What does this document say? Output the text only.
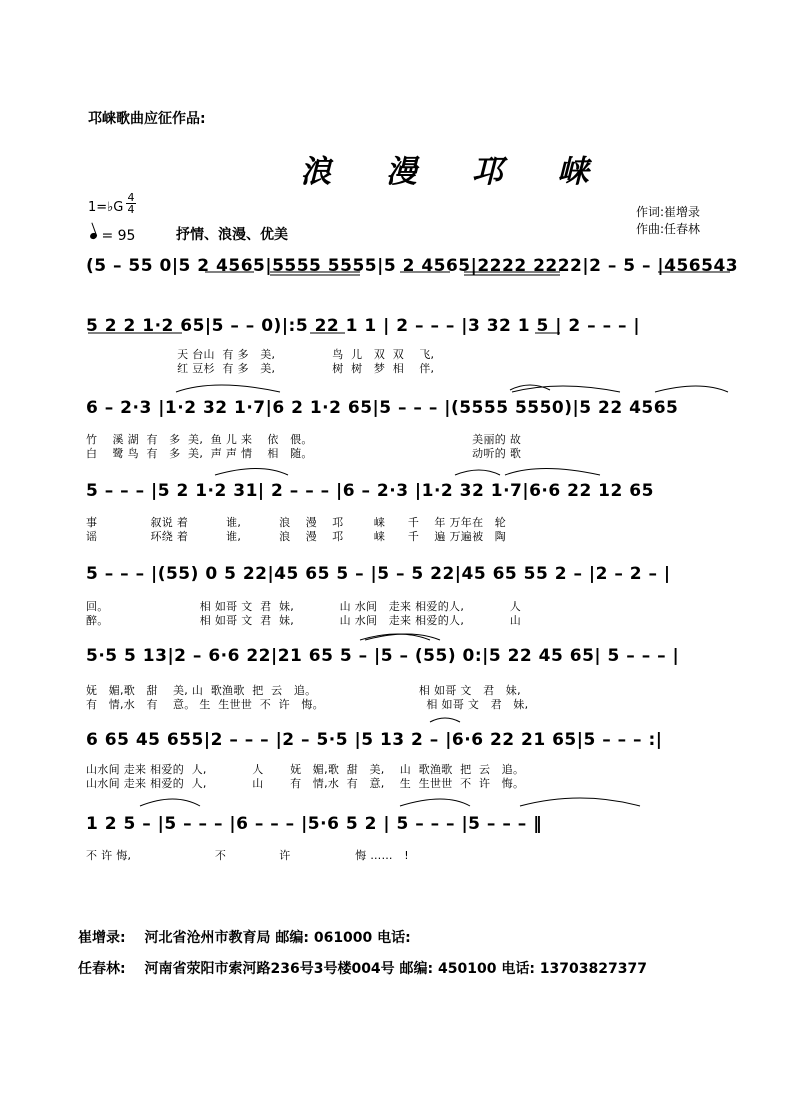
邛崃歌曲应征作品:
浪 漫 邛 崃
1=♭G
4
4
= 95	抒情、浪漫、优美
作词:崔增录
作曲:任春林
(5 – 55 0|5 2 4565|5555 5555|5 2 4565|2222 2222|2 – 5 – |456543
5 2 2 1·2 65|5 – – 0)|:5 22 1 1 | 2 – – – |3 32 1 5 | 2 – – – |
天 台山  有 多   美,               鸟  儿   双  双    飞,
红 豆杉  有 多   美,               树  树   梦  相    伴,
6 – 2·3 |1·2 32 1·7|6 2 1·2 65|5 – – – |(5555 5550)|5 22 4565
竹    溪 湖  有   多  美,  鱼 儿 来    依   偎。                                          美丽的 故
白    鹭 鸟  有   多  美,  声 声 情    相   随。                                          动听的 歌
5 – – – |5 2 1·2 31| 2 – – – |6 – 2·3 |1·2 32 1·7|6·6 22 12 65
事              叙说 着          谁,          浪    漫    邛        崃      千    年 万年在   轮
谣              环绕 着          谁,          浪    漫    邛        崃      千    遍 万遍被   陶
5 – – – |(55) 0 5 22|45 65 5 – |5 – 5 22|45 65 55 2 – |2 – 2 – |
回。                        相 如哥 文  君  妹,            山 水间   走来 相爱的人,            人
醉。                        相 如哥 文  君  妹,            山 水间   走来 相爱的人,            山
5·5 5 13|2 – 6·6 22|21 65 5 – |5 – (55) 0:|5 22 45 65| 5 – – – |
妩   媚,歌   甜    美, 山  歌渔歌  把  云   追。                           相 如哥 文   君   妹,
有   情,水   有    意。 生  生世世  不  许   悔。                           相 如哥 文   君   妹,
6 65 45 655|2 – – – |2 – 5·5 |5 13 2 – |6·6 22 21 65|5 – – – :|
山水间 走来 相爱的  人,            人       妩   媚,歌  甜   美,    山  歌渔歌  把  云   追。
山水间 走来 相爱的  人,            山       有   情,水  有   意,    生  生世世  不  许   悔。
1 2 5 – |5 – – – |6 – – – |5·6 5 2 | 5 – – – |5 – – – ‖
不 许 悔,                      不              许                 悔 ……   !
崔增录: 河北省沧州市教育局 邮编: 061000 电话:
任春林: 河南省荥阳市索河路236号3号楼004号 邮编: 450100 电话: 13703827377
